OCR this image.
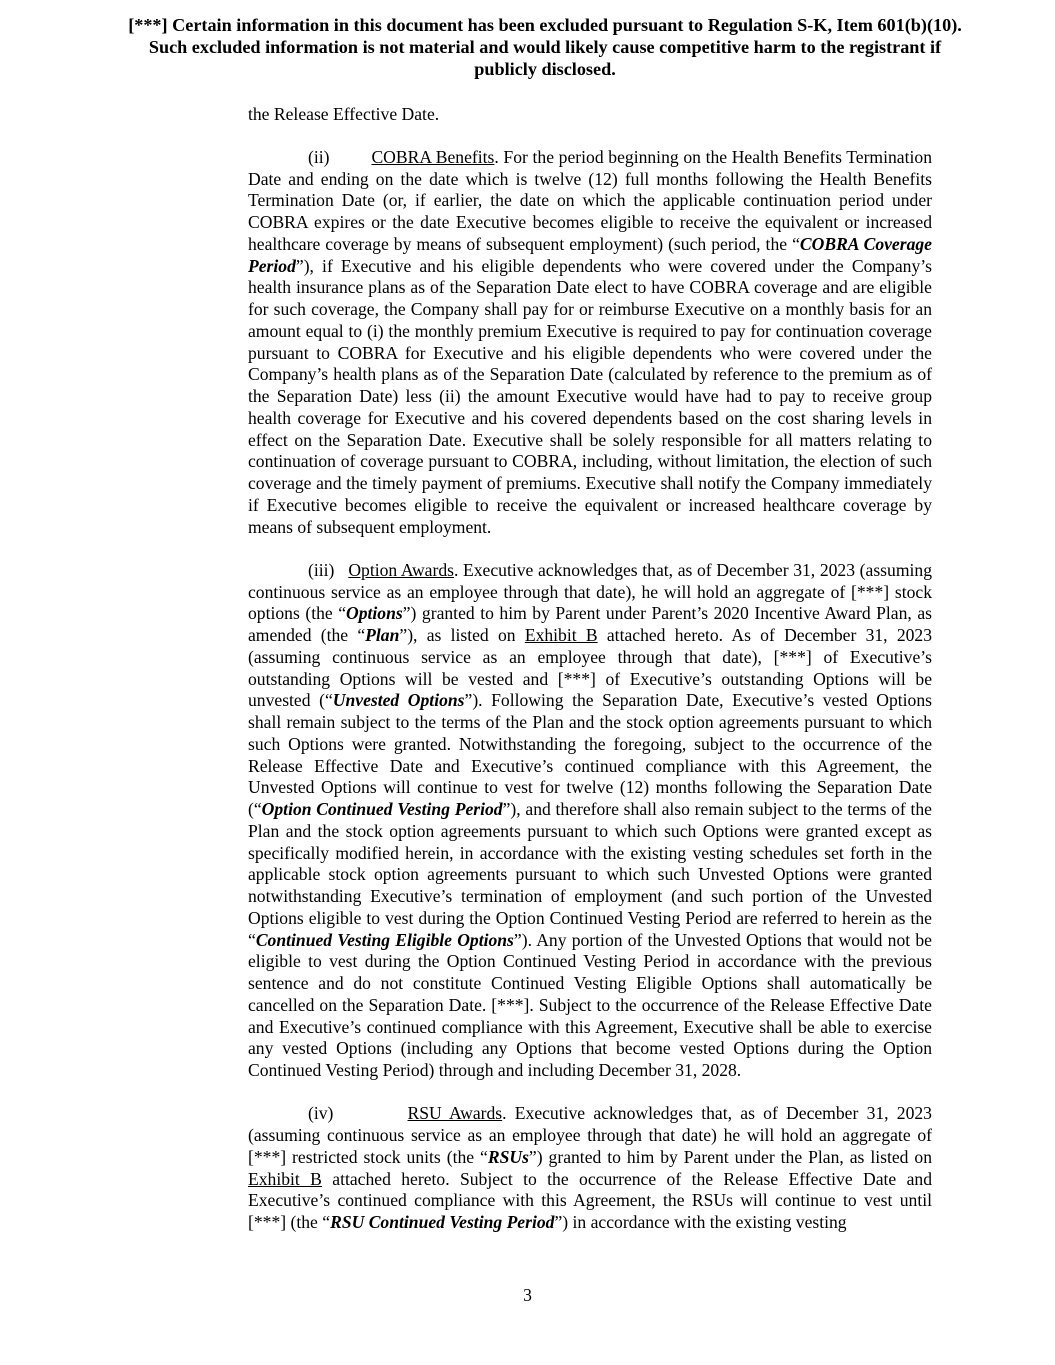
[***] Certain information in this document has been excluded pursuant to Regulation S-K, Item 601(b)(10).
Such excluded information is not material and would likely cause competitive harm to the registrant if
publicly disclosed.

the Release Effective Date.

(ii) COBRA Benefits. For the period beginning on the Health Benefits Termination Date and ending on the date which is twelve (12) full months following the Health Benefits Termination Date (or, if earlier, the date on which the applicable continuation period under COBRA expires or the date Executive becomes eligible to receive the equivalent or increased healthcare coverage by means of subsequent employment) (such period, the “COBRA Coverage Period”), if Executive and his eligible dependents who were covered under the Company’s health insurance plans as of the Separation Date elect to have COBRA coverage and are eligible for such coverage, the Company shall pay for or reimburse Executive on a monthly basis for an amount equal to (i) the monthly premium Executive is required to pay for continuation coverage pursuant to COBRA for Executive and his eligible dependents who were covered under the Company’s health plans as of the Separation Date (calculated by reference to the premium as of the Separation Date) less (ii) the amount Executive would have had to pay to receive group health coverage for Executive and his covered dependents based on the cost sharing levels in effect on the Separation Date. Executive shall be solely responsible for all matters relating to continuation of coverage pursuant to COBRA, including, without limitation, the election of such coverage and the timely payment of premiums. Executive shall notify the Company immediately if Executive becomes eligible to receive the equivalent or increased healthcare coverage by means of subsequent employment.

(iii) Option Awards. Executive acknowledges that, as of December 31, 2023 (assuming continuous service as an employee through that date), he will hold an aggregate of [***] stock options (the “Options”) granted to him by Parent under Parent’s 2020 Incentive Award Plan, as amended (the “Plan”), as listed on Exhibit B attached hereto. As of December 31, 2023 (assuming continuous service as an employee through that date), [***] of Executive’s outstanding Options will be vested and [***] of Executive’s outstanding Options will be unvested (“Unvested Options”). Following the Separation Date, Executive’s vested Options shall remain subject to the terms of the Plan and the stock option agreements pursuant to which such Options were granted. Notwithstanding the foregoing, subject to the occurrence of the Release Effective Date and Executive’s continued compliance with this Agreement, the Unvested Options will continue to vest for twelve (12) months following the Separation Date (“Option Continued Vesting Period”), and therefore shall also remain subject to the terms of the Plan and the stock option agreements pursuant to which such Options were granted except as specifically modified herein, in accordance with the existing vesting schedules set forth in the applicable stock option agreements pursuant to which such Unvested Options were granted notwithstanding Executive’s termination of employment (and such portion of the Unvested Options eligible to vest during the Option Continued Vesting Period are referred to herein as the “Continued Vesting Eligible Options”). Any portion of the Unvested Options that would not be eligible to vest during the Option Continued Vesting Period in accordance with the previous sentence and do not constitute Continued Vesting Eligible Options shall automatically be cancelled on the Separation Date. [***]. Subject to the occurrence of the Release Effective Date and Executive’s continued compliance with this Agreement, Executive shall be able to exercise any vested Options (including any Options that become vested Options during the Option Continued Vesting Period) through and including December 31, 2028.

(iv)	RSU Awards. Executive acknowledges that, as of December 31, 2023 (assuming continuous service as an employee through that date) he will hold an aggregate of [***] restricted stock units (the “RSUs”) granted to him by Parent under the Plan, as listed on Exhibit B attached hereto. Subject to the occurrence of the Release Effective Date and Executive’s continued compliance with this Agreement, the RSUs will continue to vest until [***] (the “RSU Continued Vesting Period”) in accordance with the existing vesting

3
